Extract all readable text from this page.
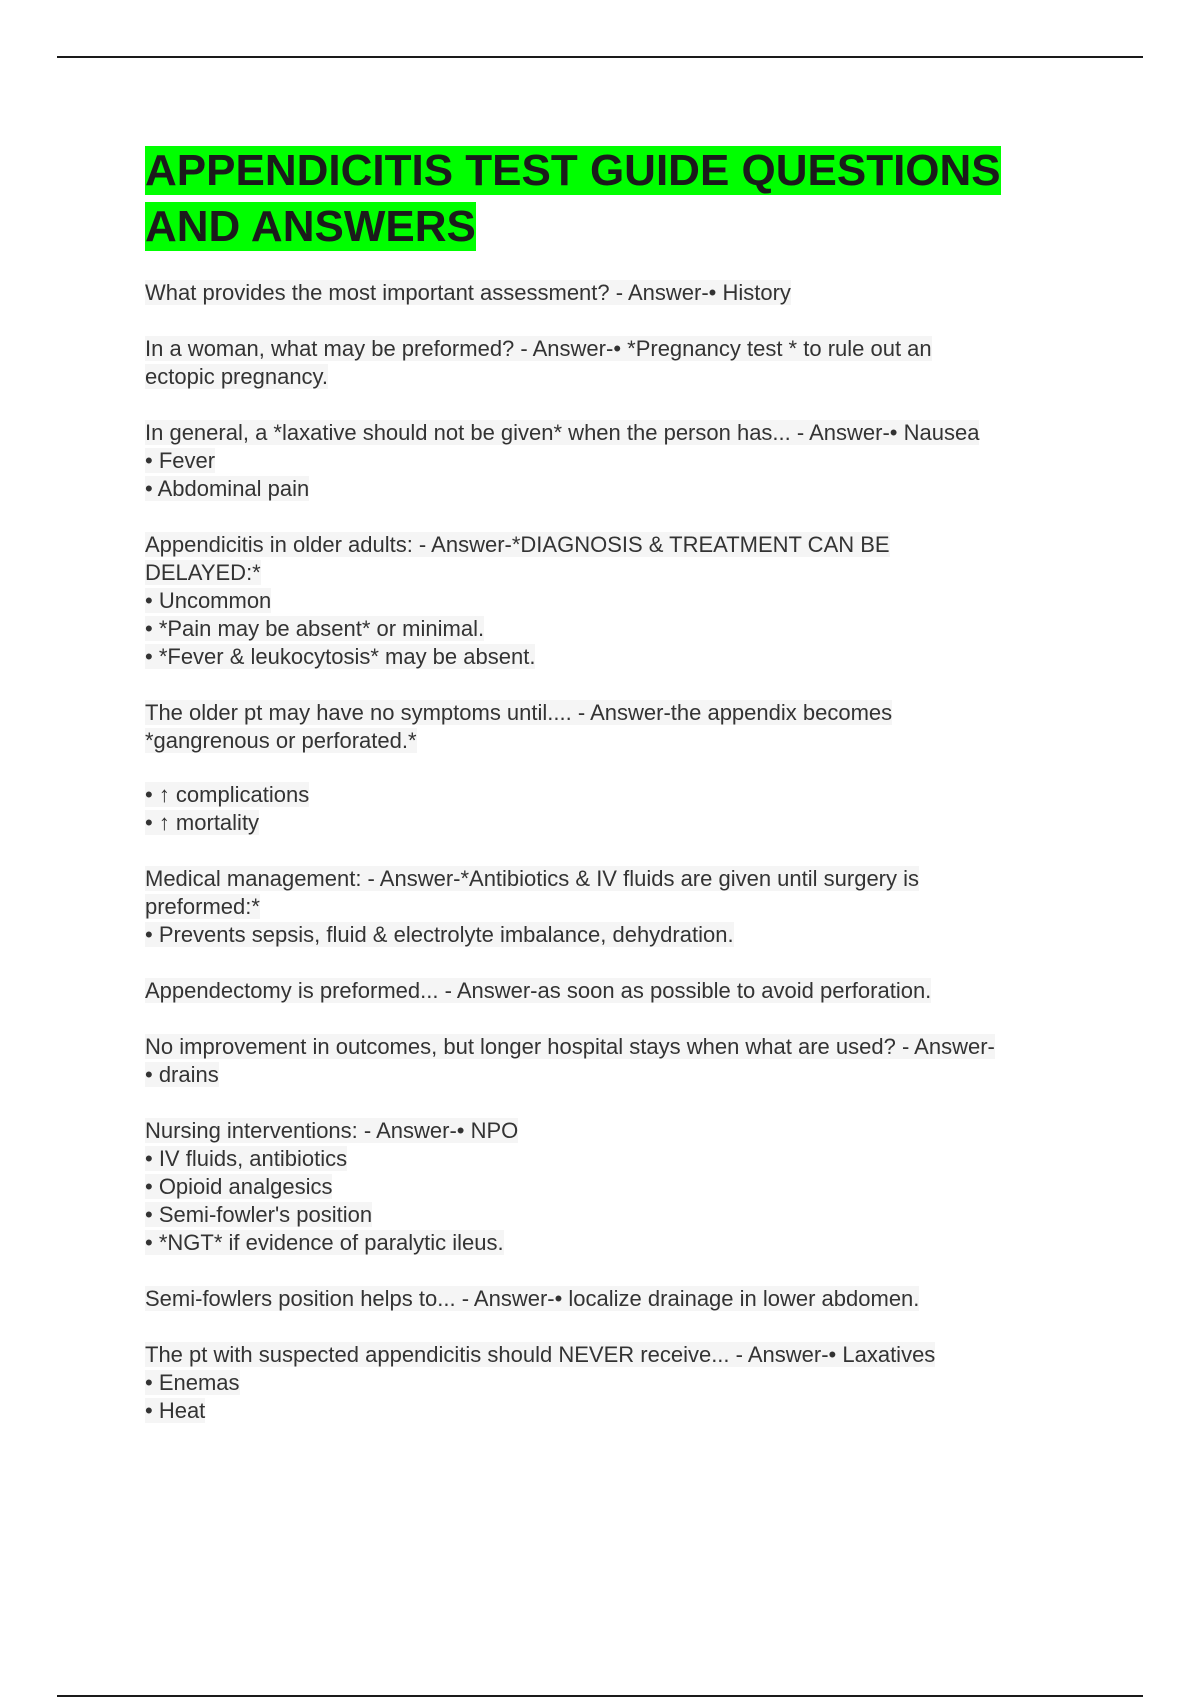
APPENDICITIS TEST GUIDE QUESTIONS
AND ANSWERS
What provides the most important assessment? - Answer-• History
In a woman, what may be preformed? - Answer-• *Pregnancy test * to rule out an
ectopic pregnancy.
In general, a *laxative should not be given* when the person has... - Answer-• Nausea
• Fever
• Abdominal pain
Appendicitis in older adults: - Answer-*DIAGNOSIS & TREATMENT CAN BE
DELAYED:*
• Uncommon
• *Pain may be absent* or minimal.
• *Fever & leukocytosis* may be absent.
The older pt may have no symptoms until.... - Answer-the appendix becomes
*gangrenous or perforated.*
• ↑ complications
• ↑ mortality
Medical management: - Answer-*Antibiotics & IV fluids are given until surgery is
preformed:*
• Prevents sepsis, fluid & electrolyte imbalance, dehydration.
Appendectomy is preformed... - Answer-as soon as possible to avoid perforation.
No improvement in outcomes, but longer hospital stays when what are used? - Answer-
• drains
Nursing interventions: - Answer-• NPO
• IV fluids, antibiotics
• Opioid analgesics
• Semi-fowler's position
• *NGT* if evidence of paralytic ileus.
Semi-fowlers position helps to... - Answer-• localize drainage in lower abdomen.
The pt with suspected appendicitis should NEVER receive... - Answer-• Laxatives
• Enemas
• Heat
